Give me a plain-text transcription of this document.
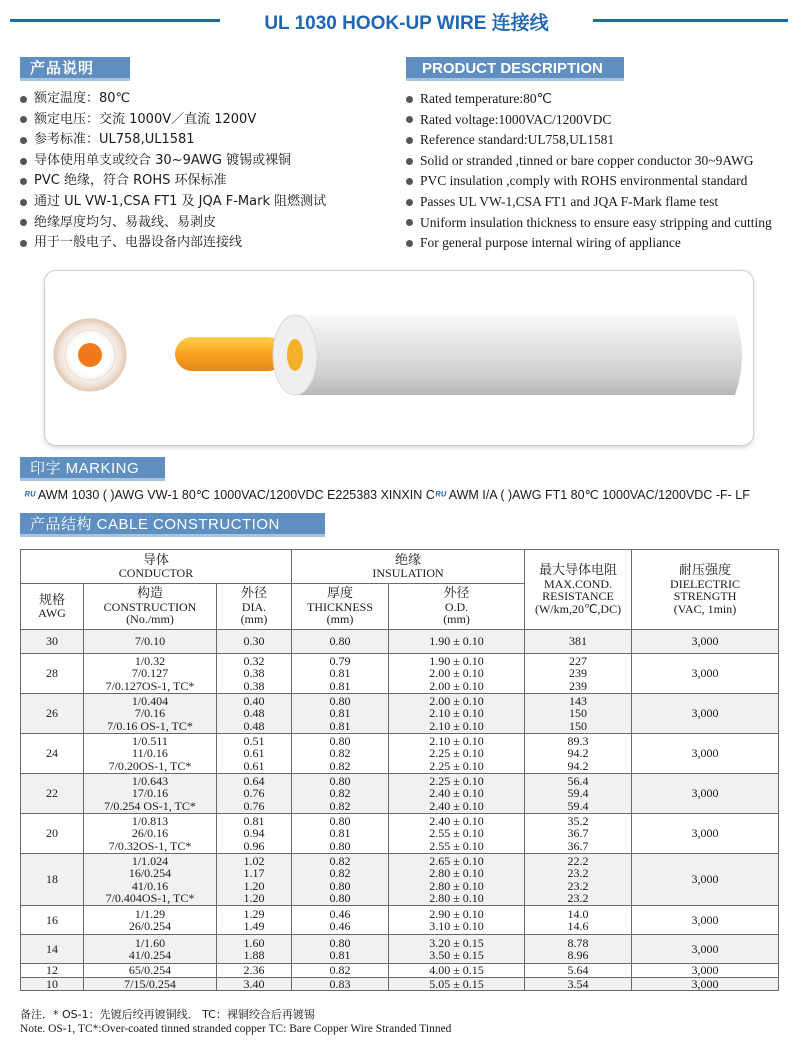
UL 1030 HOOK-UP WIRE 连接线
产品说明	PRODUCT DESCRIPTION
额定温度：80℃
额定电压：交流 1000V／直流 1200V
参考标准：UL758,UL1581
导体使用单支或绞合 30~9AWG 镀锡或裸铜
PVC 绝缘，符合 ROHS 环保标准
通过 UL VW-1,CSA FT1 及 JQA F-Mark 阻燃测试
绝缘厚度均匀、易裁线、易剥皮
用于一般电子、电器设备内部连接线
Rated temperature:80℃
Rated voltage:1000VAC/1200VDC
Reference standard:UL758,UL1581
Solid or stranded ,tinned or bare copper conductor 30~9AWG
PVC insulation ,comply with ROHS environmental standard
Passes UL VW-1,CSA FT1 and JQA F-Mark flame test
Uniform insulation thickness to ensure easy stripping and cutting
For general purpose internal wiring of appliance
印字 MARKING
ᴿᵁ AWM 1030 ( )AWG VW-1 80℃ 1000VAC/1200VDC E225383 XINXIN Cᴿᵁ AWM I/A ( )AWG FT1 80℃ 1000VAC/1200VDC -F- LF
产品结构 CABLE CONSTRUCTION
导体
CONDUCTOR			绝缘
INSULATION		最大导体电阻
MAX.COND.
RESISTANCE
(W/km,20℃,DC)	耐压强度
DIELECTRIC
STRENGTH
(VAC, 1min)
规格
AWG	构造
CONSTRUCTION
(No./mm)	外径
DIA.
(mm)	厚度
THICKNESS
(mm)	外径
O.D.
(mm)		
30	7/0.10	0.30	0.80	1.90 ± 0.10	381	3,000
28	1/0.32
7/0.127
7/0.127OS-1, TC*	0.32
0.38
0.38	0.79
0.81
0.81	1.90 ± 0.10
2.00 ± 0.10
2.00 ± 0.10	227
239
239	3,000
26	1/0.404
7/0.16
7/0.16 OS-1, TC*	0.40
0.48
0.48	0.80
0.81
0.81	2.00 ± 0.10
2.10 ± 0.10
2.10 ± 0.10	143
150
150	3,000
24	1/0.511
11/0.16
7/0.20OS-1, TC*	0.51
0.61
0.61	0.80
0.82
0.82	2.10 ± 0.10
2.25 ± 0.10
2.25 ± 0.10	89.3
94.2
94.2	3,000
22	1/0.643
17/0.16
7/0.254 OS-1, TC*	0.64
0.76
0.76	0.80
0.82
0.82	2.25 ± 0.10
2.40 ± 0.10
2.40 ± 0.10	56.4
59.4
59.4	3,000
20	1/0.813
26/0.16
7/0.32OS-1, TC*	0.81
0.94
0.96	0.80
0.81
0.80	2.40 ± 0.10
2.55 ± 0.10
2.55 ± 0.10	35.2
36.7
36.7	3,000
18	1/1.024
16/0.254
41/0.16
7/0.404OS-1, TC*	1.02
1.17
1.20
1.20	0.82
0.82
0.80
0.80	2.65 ± 0.10
2.80 ± 0.10
2.80 ± 0.10
2.80 ± 0.10	22.2
23.2
23.2
23.2	3,000
16	1/1.29
26/0.254	1.29
1.49	0.46
0.46	2.90 ± 0.10
3.10 ± 0.10	14.0
14.6	3,000
14	1/1.60
41/0.254	1.60
1.88	0.80
0.81	3.20 ± 0.15
3.50 ± 0.15	8.78
8.96	3,000
12	65/0.254	2.36	0.82	4.00 ± 0.15	5.64	3,000
10	7/15/0.254	3.40	0.83	5.05 ± 0.15	3.54	3,000
备注．* OS-1：先镀后绞再镀铜线． TC：裸铜绞合后再镀锡
Note. OS-1, TC*:Over-coated tinned stranded copper TC: Bare Copper Wire Stranded Tinned
